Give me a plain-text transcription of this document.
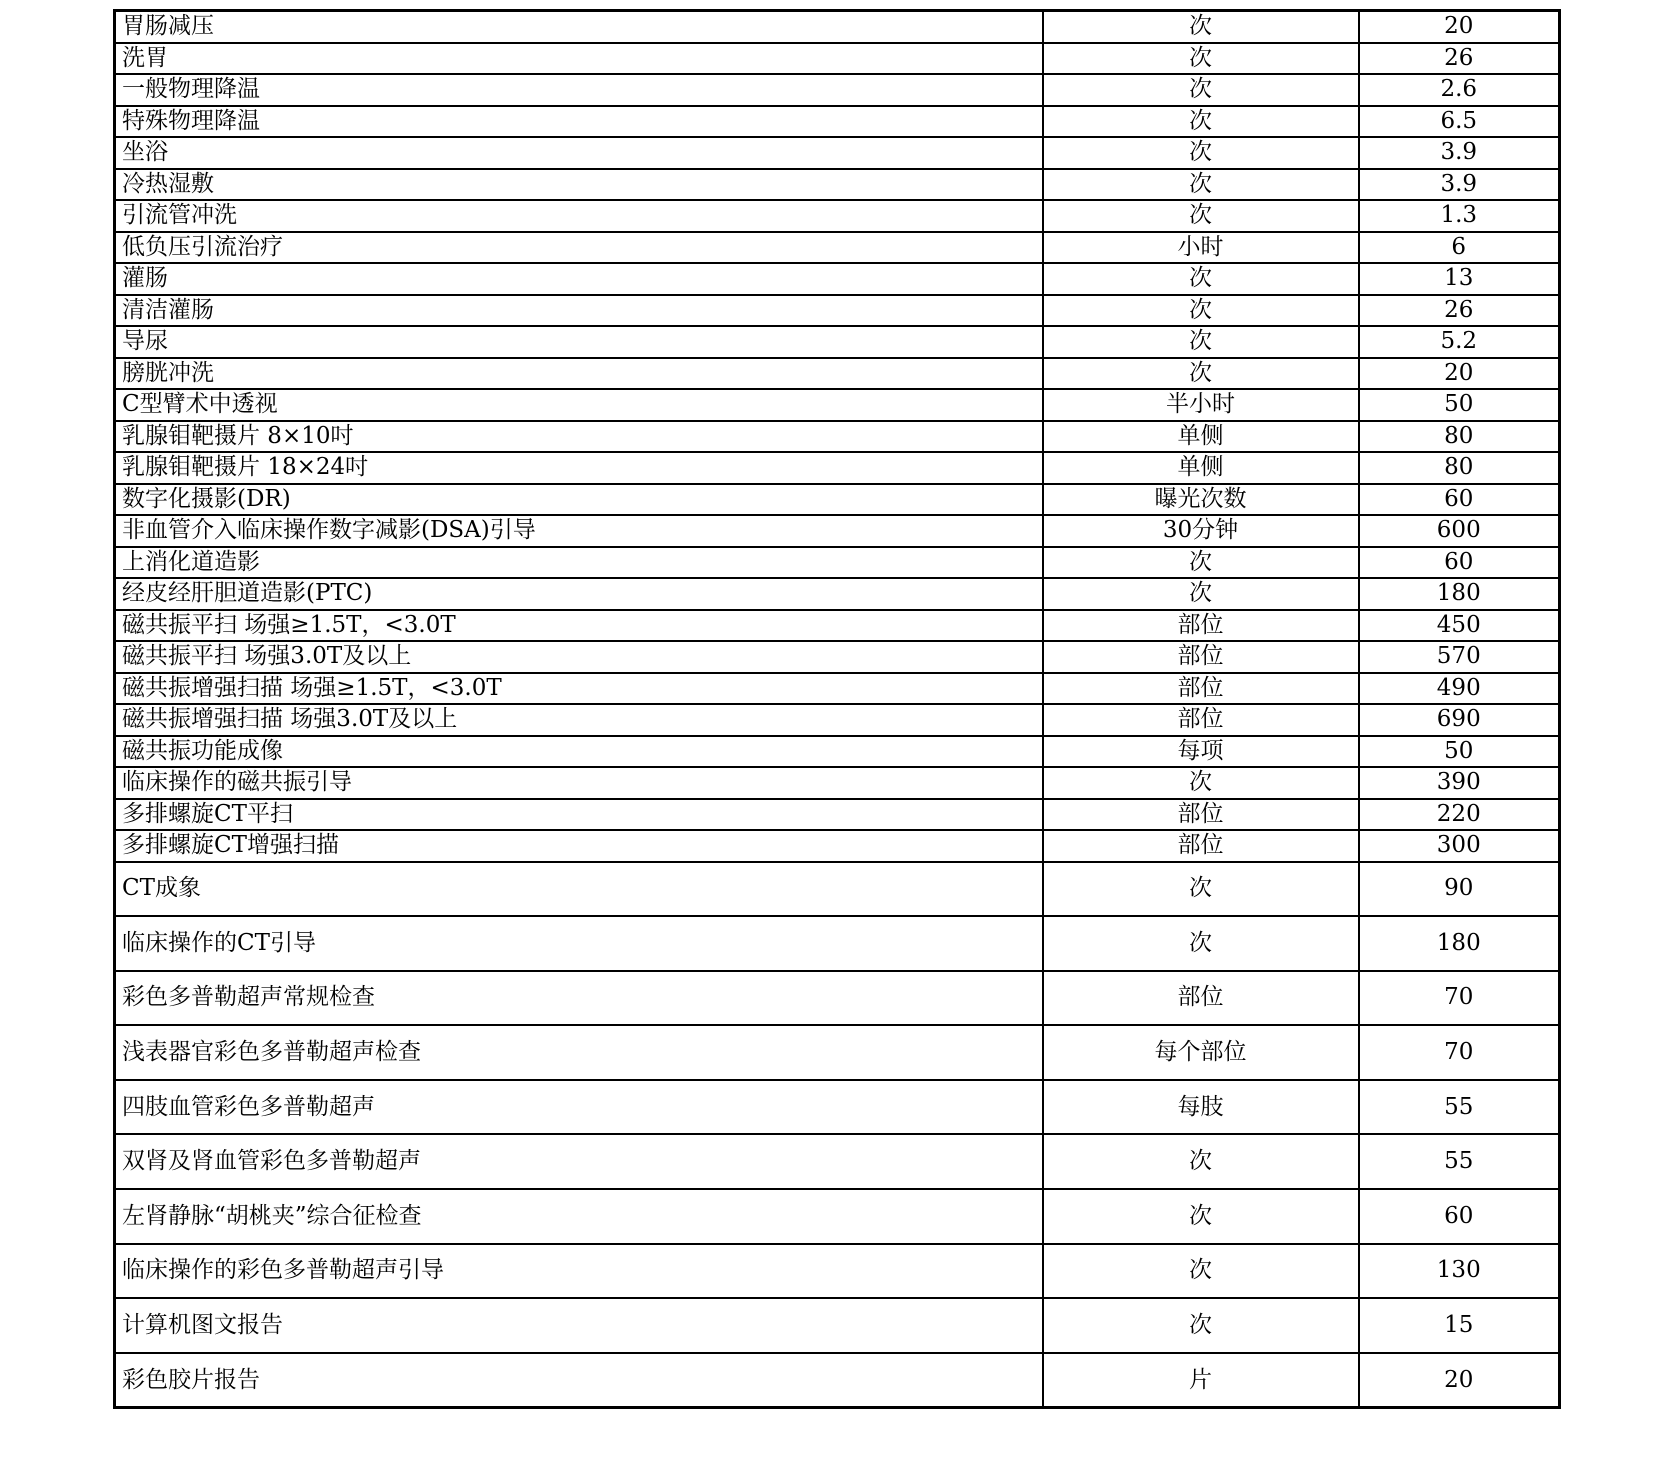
胃肠减压	次	20
洗胃	次	26
一般物理降温	次	2.6
特殊物理降温	次	6.5
坐浴	次	3.9
冷热湿敷	次	3.9
引流管冲洗	次	1.3
低负压引流治疗	小时	6
灌肠	次	13
清洁灌肠	次	26
导尿	次	5.2
膀胱冲洗	次	20
C型臂术中透视	半小时	50
乳腺钼靶摄片 8×10吋	单侧	80
乳腺钼靶摄片 18×24吋	单侧	80
数字化摄影(DR)	曝光次数	60
非血管介入临床操作数字减影(DSA)引导	30分钟	600
上消化道造影	次	60
经皮经肝胆道造影(PTC)	次	180
磁共振平扫 场强≥1.5T，<3.0T	部位	450
磁共振平扫 场强3.0T及以上	部位	570
磁共振增强扫描 场强≥1.5T，<3.0T	部位	490
磁共振增强扫描 场强3.0T及以上	部位	690
磁共振功能成像	每项	50
临床操作的磁共振引导	次	390
多排螺旋CT平扫	部位	220
多排螺旋CT增强扫描	部位	300
CT成象	次	90
临床操作的CT引导	次	180
彩色多普勒超声常规检查	部位	70
浅表器官彩色多普勒超声检查	每个部位	70
四肢血管彩色多普勒超声	每肢	55
双肾及肾血管彩色多普勒超声	次	55
左肾静脉“胡桃夹”综合征检查	次	60
临床操作的彩色多普勒超声引导	次	130
计算机图文报告	次	15
彩色胶片报告	片	20
